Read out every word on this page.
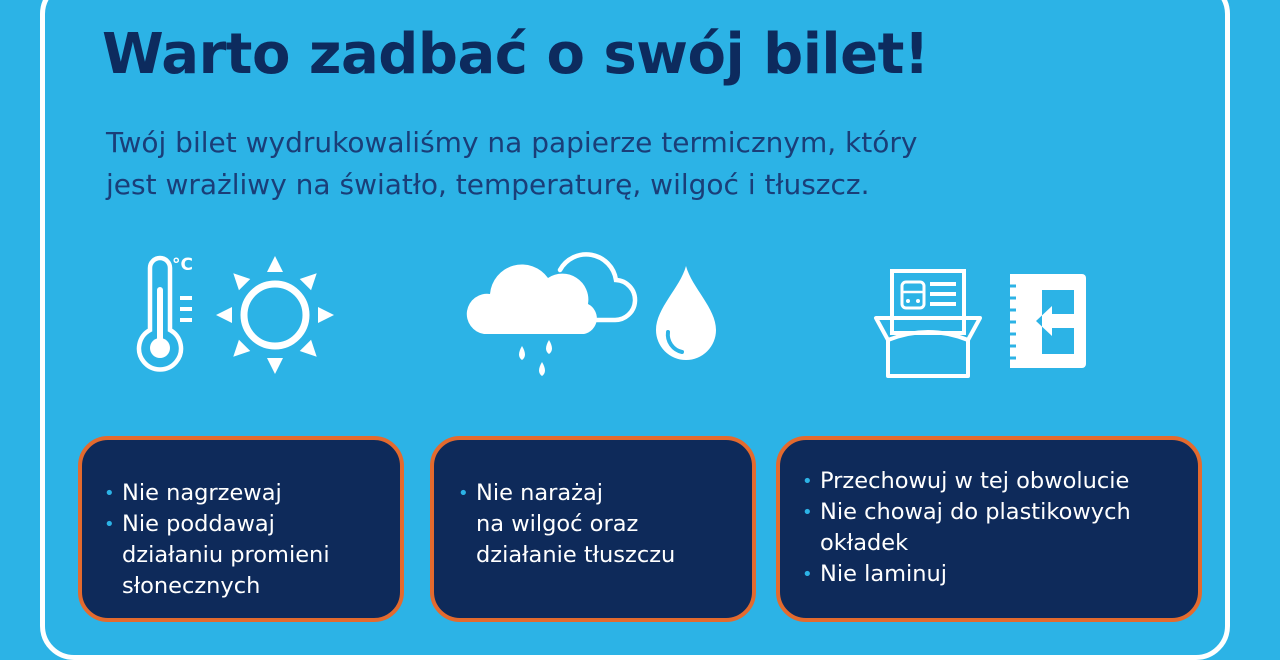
Warto zadbać o swój bilet!

Twój bilet wydrukowaliśmy na papierze termicznym, który
jest wrażliwy na światło, temperaturę, wilgoć i tłuszcz.

°C
• Nie nagrzewaj
• Nie poddawaj
działaniu promieni
słonecznych
• Nie narażaj
na wilgoć oraz
działanie tłuszczu
• Przechowuj w tej obwolucie
• Nie chowaj do plastikowych
okładek
• Nie laminuj
